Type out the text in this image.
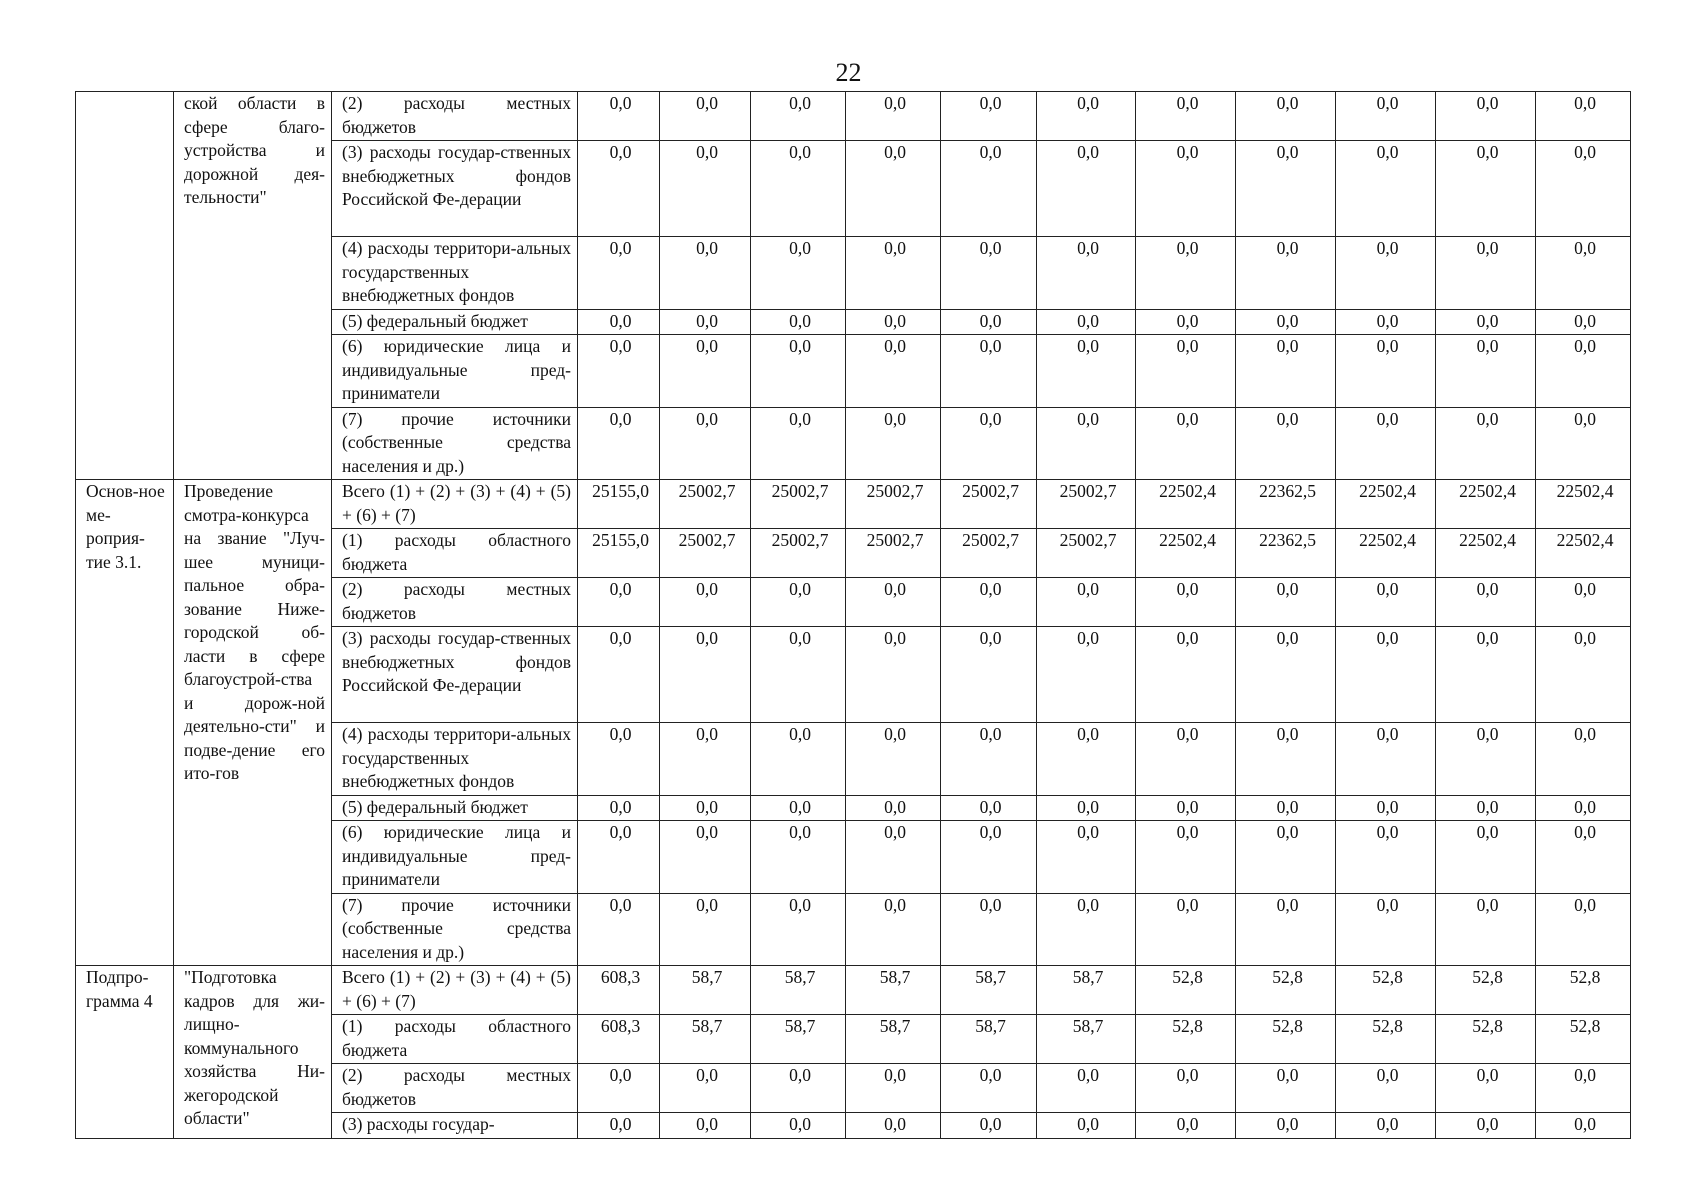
22
	ской области в сфере благо-устройства и дорожной дея-тельности"	(2) расходы местных бюджетов	0,0	0,0	0,0	0,0	0,0	0,0	0,0	0,0	0,0	0,0	0,0
		(3) расходы государ-ственных внебюджетных фондов Российской Фе-дерации	0,0	0,0	0,0	0,0	0,0	0,0	0,0	0,0	0,0	0,0	0,0
		(4) расходы территори-альных государственных внебюджетных фондов	0,0	0,0	0,0	0,0	0,0	0,0	0,0	0,0	0,0	0,0	0,0
		(5) федеральный бюджет	0,0	0,0	0,0	0,0	0,0	0,0	0,0	0,0	0,0	0,0	0,0
		(6) юридические лица и индивидуальные пред-приниматели	0,0	0,0	0,0	0,0	0,0	0,0	0,0	0,0	0,0	0,0	0,0
		(7) прочие источники (собственные средства населения и др.)	0,0	0,0	0,0	0,0	0,0	0,0	0,0	0,0	0,0	0,0	0,0
Основ-ное ме-роприя-тие 3.1.	Проведение смотра-конкурса на звание "Луч-шее муници-пальное обра-зование Ниже-городской об-ласти в сфере благоустрой-ства и дорож-ной деятельно-сти" и подве-дение его ито-гов	Всего (1) + (2) + (3) + (4) + (5) + (6) + (7)	25155,0	25002,7	25002,7	25002,7	25002,7	25002,7	22502,4	22362,5	22502,4	22502,4	22502,4
		(1) расходы областного бюджета	25155,0	25002,7	25002,7	25002,7	25002,7	25002,7	22502,4	22362,5	22502,4	22502,4	22502,4
		(2) расходы местных бюджетов	0,0	0,0	0,0	0,0	0,0	0,0	0,0	0,0	0,0	0,0	0,0
		(3) расходы государ-ственных внебюджетных фондов Российской Фе-дерации	0,0	0,0	0,0	0,0	0,0	0,0	0,0	0,0	0,0	0,0	0,0
		(4) расходы территори-альных государственных внебюджетных фондов	0,0	0,0	0,0	0,0	0,0	0,0	0,0	0,0	0,0	0,0	0,0
		(5) федеральный бюджет	0,0	0,0	0,0	0,0	0,0	0,0	0,0	0,0	0,0	0,0	0,0
		(6) юридические лица и индивидуальные пред-приниматели	0,0	0,0	0,0	0,0	0,0	0,0	0,0	0,0	0,0	0,0	0,0
		(7) прочие источники (собственные средства населения и др.)	0,0	0,0	0,0	0,0	0,0	0,0	0,0	0,0	0,0	0,0	0,0
Подпро-грамма 4	"Подготовка кадров для жи-лищно-коммунального хозяйства Ни-жегородской области"	Всего (1) + (2) + (3) + (4) + (5) + (6) + (7)	608,3	58,7	58,7	58,7	58,7	58,7	52,8	52,8	52,8	52,8	52,8
		(1) расходы областного бюджета	608,3	58,7	58,7	58,7	58,7	58,7	52,8	52,8	52,8	52,8	52,8
		(2) расходы местных бюджетов	0,0	0,0	0,0	0,0	0,0	0,0	0,0	0,0	0,0	0,0	0,0
		(3) расходы государ-	0,0	0,0	0,0	0,0	0,0	0,0	0,0	0,0	0,0	0,0	0,0
